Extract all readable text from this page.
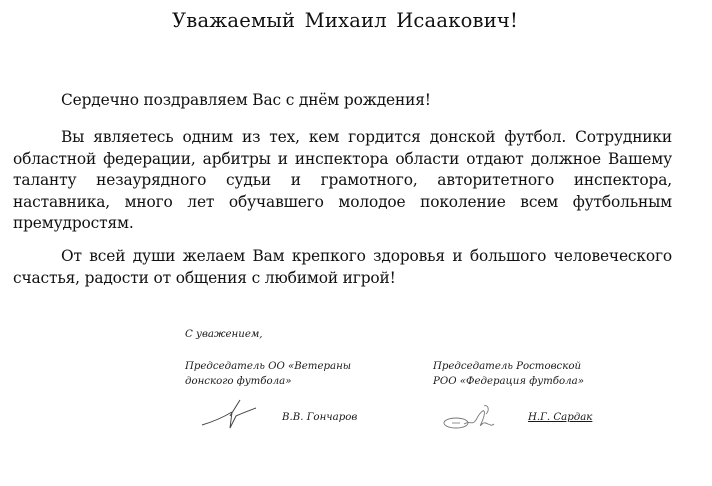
Уважаемый Михаил Исаакович!

Сердечно поздравляем Вас с днём рождения!

Вы являетесь одним из тех, кем гордится донской футбол. Сотрудники областной федерации, арбитры и инспектора области отдают должное Вашему таланту незаурядного судьи и грамотного, авторитетного инспектора, наставника, много лет обучавшего молодое поколение всем футбольным премудростям.

От всей души желаем Вам крепкого здоровья и большого человеческого счастья, радости от общения с любимой игрой!

С уважением,
Председатель ОО «Ветераны
донского футбола»
Председатель Ростовской
РОО «Федерация футбола»
В.В. Гончаров	Н.Г. Сардак
